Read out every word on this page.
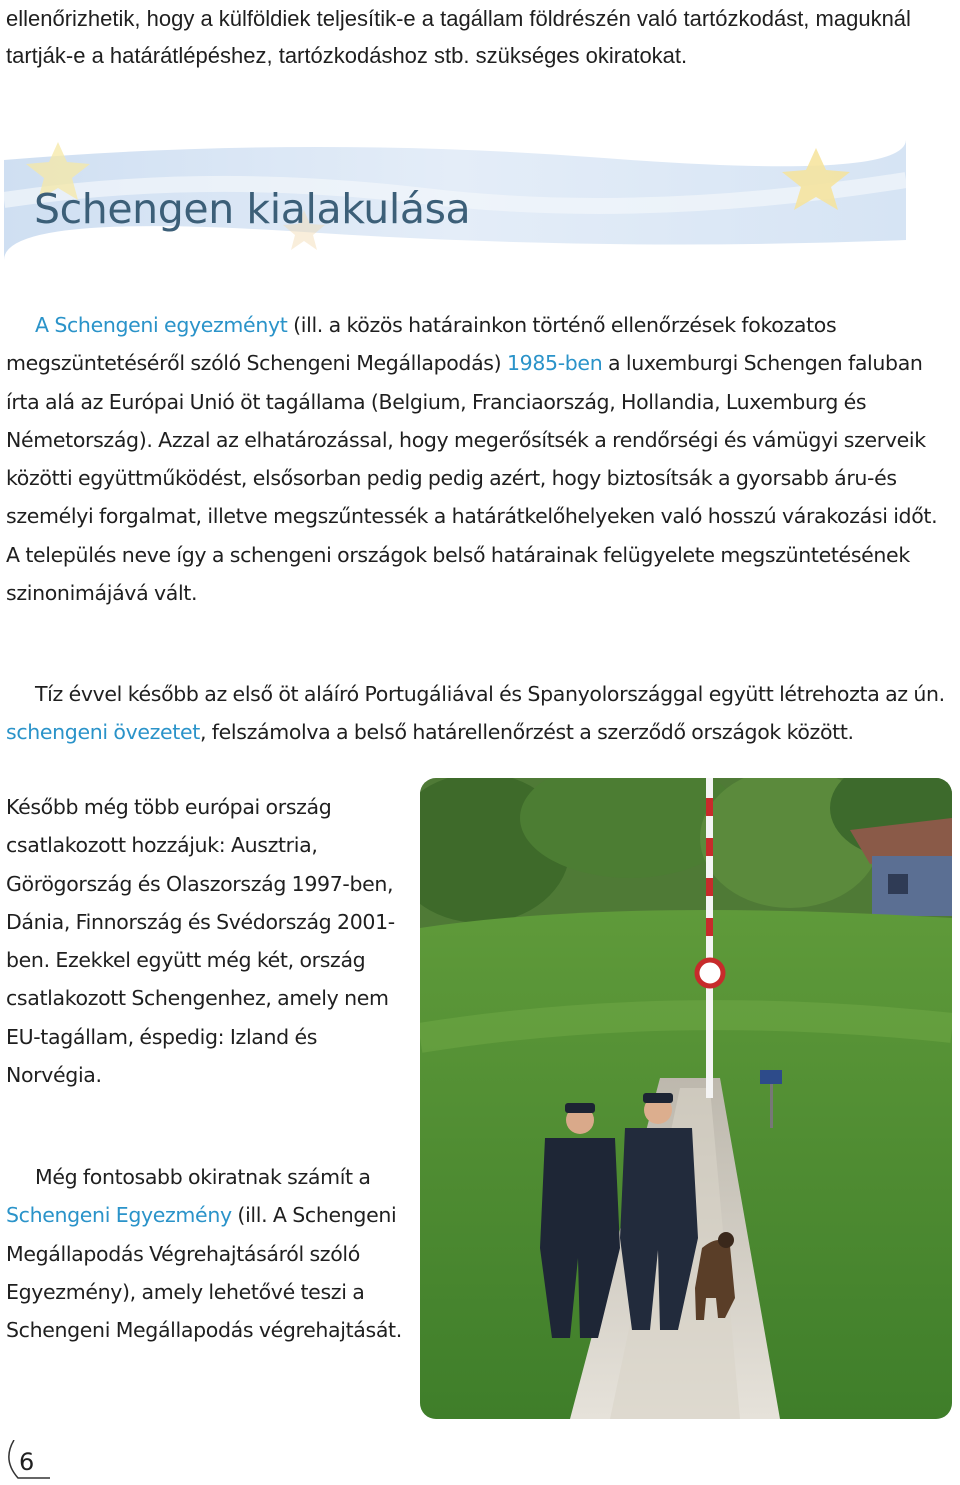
ellenőrizhetik, hogy a külföldiek teljesítik-e a tagállam földrészén való tartózkodást, maguknál tartják-e a határátlépéshez, tartózkodáshoz stb. szükséges okiratokat.

Schengen kialakulása

A Schengeni egyezményt (ill. a közös határainkon történő ellenőrzések fokozatos megszüntetéséről szóló Schengeni Megállapodás) 1985-ben a luxemburgi Schengen faluban írta alá az Európai Unió öt tagállama (Belgium, Franciaország, Hollandia, Luxemburg és Németország). Azzal az elhatározással, hogy megerősítsék a rendőrségi és vámügyi szerveik közötti együttműködést, elsősorban pedig pedig azért, hogy biztosítsák a gyorsabb áru-és személyi forgalmat, illetve megszűntessék a határátkelőhelyeken való hosszú várakozási időt. A település neve így a schengeni országok belső határainak felügyelete megszüntetésének szinonimájává vált.

Tíz évvel később az első öt aláíró Portugáliával és Spanyolországgal együtt létrehozta az ún. schengeni övezetet, felszámolva a belső határellenőrzést a szerződő országok között.

Később még több európai ország csatlakozott hozzájuk: Ausztria, Görögország és Olaszország 1997-ben, Dánia, Finnország és Svédország 2001-ben. Ezekkel együtt még két, ország csatlakozott Schengenhez, amely nem EU-tagállam, éspedig: Izland és Norvégia.

Még fontosabb okiratnak számít a Schengeni Egyezmény (ill. A Schengeni Megállapodás Végrehajtásáról szóló Egyezmény), amely lehetővé teszi a Schengeni Megállapodás végrehajtását.

6
